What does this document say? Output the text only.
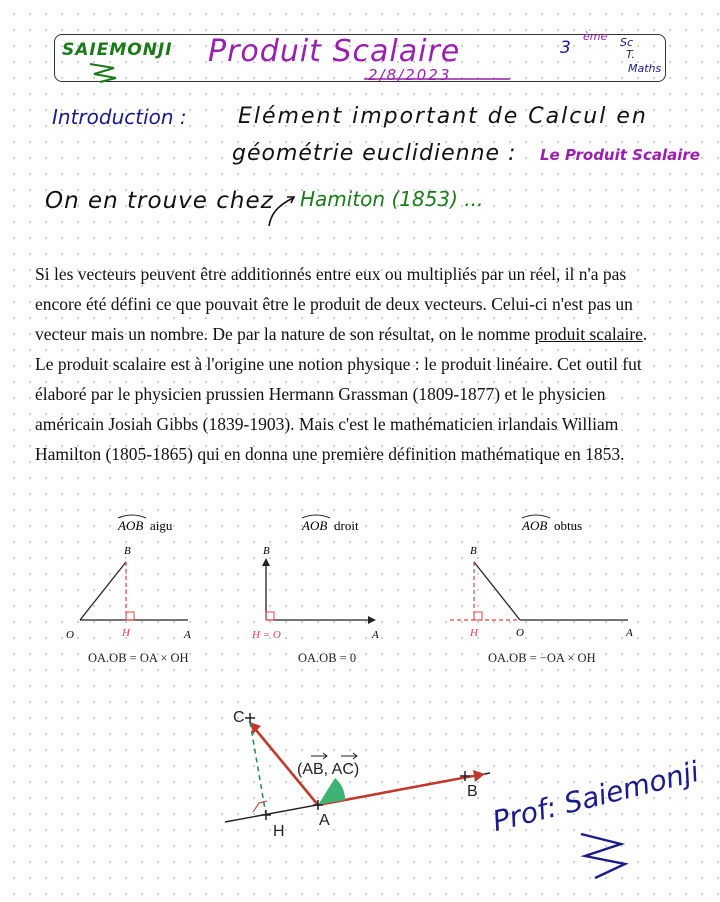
SAIEMONJI Produit Scalaire
2/8/2023
3
ème Sc
T.
Maths
Introduction : Elément important de Calcul en
géométrie euclidienne : Le Produit Scalaire
On en trouve chez Hamiton (1853) ...

Si les vecteurs peuvent être additionnés entre eux ou multipliés par un réel, il n'a pas

encore été défini ce que pouvait être le produit de deux vecteurs. Celui-ci n'est pas un

vecteur mais un nombre. De par la nature de son résultat, on le nomme produit scalaire.

Le produit scalaire est à l'origine une notion physique : le produit linéaire. Cet outil fut

élaboré par le physicien prussien Hermann Grassman (1809-1877) et le physicien

américain Josiah Gibbs (1839-1903). Mais c'est le mathématicien irlandais William

Hamilton (1805-1865) qui en donna une première définition mathématique en 1853.

AOB aigu
B
O	H	A
OA.OB = OA × OH
AOB droit
B
H = O	A
OA.OB = 0
AOB obtus
B
H	O	A
OA.OB = −OA × OH
(AB, AC)
C
A
H
B Prof: Saiemonji
